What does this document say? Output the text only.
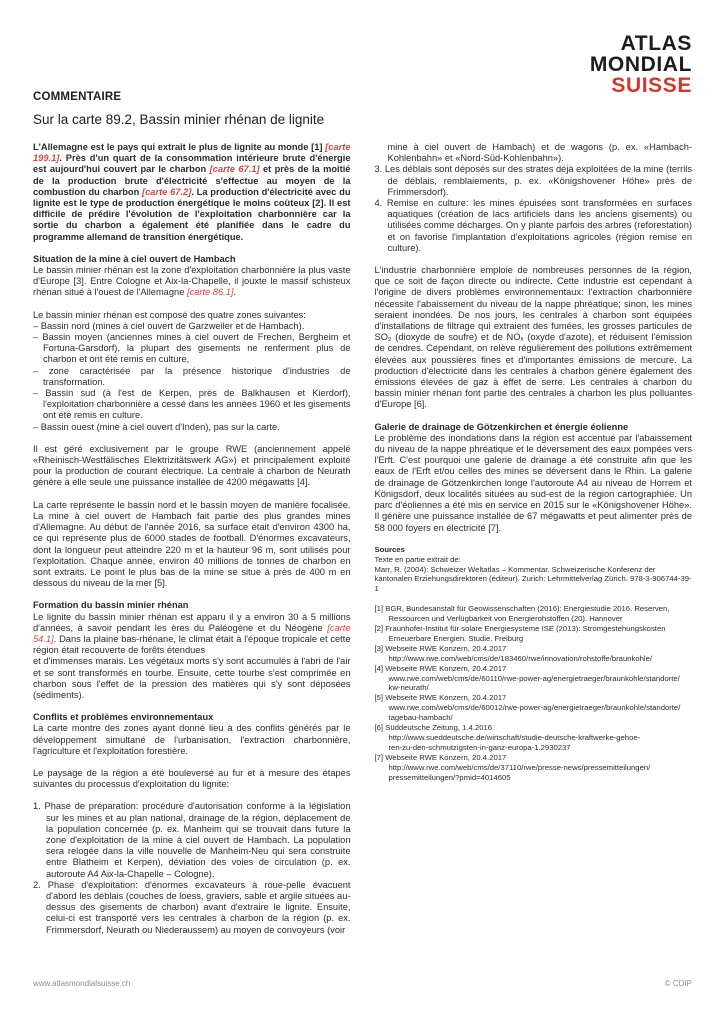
ATLAS
MONDIAL
SUISSE
COMMENTAIRE
Sur la carte 89.2, Bassin minier rhénan de lignite
L'Allemagne est le pays qui extrait le plus de lignite au monde [1] [carte 199.1]. Près d'un quart de la consommation intérieure brute d'énergie est aujourd'hui couvert par le charbon [carte 67.1] et près de la moitié de la production brute d'électricité s'effectue au moyen de la combustion du charbon [carte 67.2]. La production d'électricité avec du lignite est le type de production énergétique le moins coûteux [2]. Il est difficile de prédire l'évolution de l'exploitation charbonnière car la sortie du charbon a également été planifiée dans le cadre du programme allemand de transition énergétique.
Situation de la mine à ciel ouvert de Hambach
Le bassin minier rhénan est la zone d'exploitation charbonnière la plus vaste d'Europe [3]. Entre Cologne et Aix-la-Chapelle, il jouxte le massif schisteux rhénan situé à l'ouest de l'Allemagne [carte 86.1].
Le bassin minier rhénan est composé des quatre zones suivantes:
– Bassin nord (mines à ciel ouvert de Garzweiler et de Hambach).
– Bassin moyen (anciennes mines à ciel ouvert de Frechen, Bergheim et Fortuna-Garsdorf), la plupart des gisements ne renferment plus de charbon et ont été remis en culture,
– zone caractérisée par la présence historique d'industries de transformation.
– Bassin sud (à l'est de Kerpen, près de Balkhausen et Kierdorf), l'exploitation charbonnière a cessé dans les années 1960 et les gisements ont été remis en culture.
– Bassin ouest (mine à ciel ouvert d'Inden), pas sur la carte.
Il est géré exclusivement par le groupe RWE (anciennement appelé «Rheinisch-Westfälisches Elektrizitätswerk AG») et principalement exploité pour la production de courant électrique. La centrale à charbon de Neurath génère à elle seule une puissance installée de 4200 mégawatts [4].
La carte représente le bassin nord et le bassin moyen de manière focalisée. La mine à ciel ouvert de Hambach fait partie des plus grandes mines d'Allemagne. Au début de l'année 2016, sa surface était d'environ 4300 ha, ce qui représente plus de 6000 stades de football. D'énormes excavateurs, dont la longueur peut atteindre 220 m et la hauteur 96 m, sont utilisés pour l'exploitation. Chaque année, environ 40 millions de tonnes de charbon en sont extraits. Le point le plus bas de la mine se situe à près de 400 m en dessous du niveau de la mer [5].
Formation du bassin minier rhénan
Le lignite du bassin minier rhénan est apparu il y a environ 30 à 5 millions d'années, à savoir pendant les ères du Paléogène et du Néogène [carte 54.1]. Dans la plaine bas-rhénane, le climat était à l'époque tropicale et cette région était recouverte de forêts étendues
et d'immenses marais. Les végétaux morts s'y sont accumulés à l'abri de l'air et se sont transformés en tourbe. Ensuite, cette tourbe s'est comprimée en charbon sous l'effet de la pression des matières qui s'y sont déposées (sédiments).
Conflits et problèmes environnementaux
La carte montre des zones ayant donné lieu à des conflits générés par le développement simultané de l'urbanisation, l'extraction charbonnière, l'agriculture et l'exploitation forestière.
Le paysage de la région a été bouleversé au fur et à mesure des étapes suivantes du processus d'exploitation du lignite:
1. Phase de préparation: procédure d'autorisation conforme à la législation sur les mines et au plan national, drainage de la région, déplacement de la population concernée (p. ex. Manheim qui se trouvait dans future la zone d'exploitation de la mine à ciel ouvert de Hambach. La population sera relogée dans la ville nouvelle de Manheim-Neu qui sera construite entre Blatheim et Kerpen), déviation des voies de circulation (p. ex. autoroute A4 Aix-la-Chapelle – Cologne).
2. Phase d'exploitation: d'énormes excavateurs à roue-pelle évacuent d'abord les déblais (couches de loess, graviers, sable et argile situées au-dessus des gisements de charbon) avant d'extraire le lignite. Ensuite, celui-ci est transporté vers les centrales à charbon de la région (p. ex. Frimmersdorf, Neurath ou Niederaussem) au moyen de convoyeurs (voir
mine à ciel ouvert de Hambach) et de wagons (p. ex. «Hambach-Kohlenbahn» et «Nord-Süd-Kohlenbahn»).
3. Les déblais sont déposés sur des strates déjà exploitées de la mine (terrils de déblais, remblaiements, p. ex. «Königshovener Höhe» près de Frimmersdorf).
4. Remise en culture: les mines épuisées sont transformées en surfaces aquatiques (création de lacs artificiels dans les anciens gisements) ou utilisées comme décharges. On y plante parfois des arbres (reforestation) et on favorise l'implantation d'exploitations agricoles (région remise en culture).
L'industrie charbonnière emploie de nombreuses personnes de la région, que ce soit de façon directe ou indirecte. Cette industrie est cependant à l'origine de divers problèmes environnementaux: l'extraction charbonnière nécessite l'abaissement du niveau de la nappe phréatique; sinon, les mines seraient inondées. De nos jours, les centrales à charbon sont équipées d'installations de filtrage qui extraient des fumées, les grosses particules de SO₂ (dioxyde de soufre) et de NOₓ (oxyde d'azote), et réduisent l'émission de cendres. Cependant, on relève régulièrement des pollutions extrêmement élevées aux poussières fines et d'importantes émissions de mercure. La production d'électricité dans les centrales à charbon génère également des émissions élevées de gaz à effet de serre. Les centrales à charbon du bassin minier rhénan font partie des centrales à charbon les plus polluantes d'Europe [6].
Galerie de drainage de Götzenkirchen et énergie éolienne
Le problème des inondations dans la région est accentué par l'abaissement du niveau de la nappe phréatique et le déversement des eaux pompées vers l'Erft. C'est pourquoi une galerie de drainage a été construite afin que les eaux de l'Erft et/ou celles des mines se déversent dans le Rhin. La galerie de drainage de Götzenkirchen longe l'autoroute A4 au niveau de Horrem et Königsdorf, deux localités situées au sud-est de la région cartographiée. Un parc d'éoliennes a été mis en service en 2015 sur le «Königshovener Höhe». Il génère une puissance installée de 67 mégawatts et peut alimenter près de 58 000 foyers en électricité [7].
Sources
Texte en partie extrait de:
Marr, R. (2004): Schweizer Weltatlas – Kommentar. Schweizerische Konferenz der kantonalen Erziehungsdirektoren (éditeur). Zurich: Lehrmittelverlag Zürich. 978-3-906744-39-1
[1] BGR, Bundesanstalt für Geowissenschaften (2016): Energiestudie 2016. Reserven,
Ressourcen und Verfügbarkeit von Energierohstoffen (20). Hannover
[2] Fraunhofer-Institut für solare Energiesysteme ISE (2013): Stromgestehungskosten
Erneuerbare Energien. Studie. Freiburg
[3] Webseite RWE Konzern, 20.4.2017
http://www.rwe.com/web/cms/de/183460/rwe/innovation/rohstoffe/braunkohle/
[4] Webseite RWE Konzern, 20.4.2017
www.rwe.com/web/cms/de/60110/rwe-power-ag/energietraeger/braunkohle/standorte/
kw-neurath/
[5] Webseite RWE Konzern, 20.4.2017
www.rwe.com/web/cms/de/60012/rwe-power-ag/energietraeger/braunkohle/standorte/
tagebau-hambach/
[6] Süddeutsche Zeitung, 1.4.2016
http://www.sueddeutsche.de/wirtschaft/studie-deutsche-kraftwerke-gehoe-
ren-zu-den-schmutzigsten-in-ganz-europa-1.2930237
[7] Webseite RWE Konzern, 20.4.2017
http://www.rwe.com/web/cms/de/37110/rwe/presse-news/pressemitteilungen/
pressemitteilungen/?pmid=4014605
www.atlasmondialsuisse.ch	© CDIP
